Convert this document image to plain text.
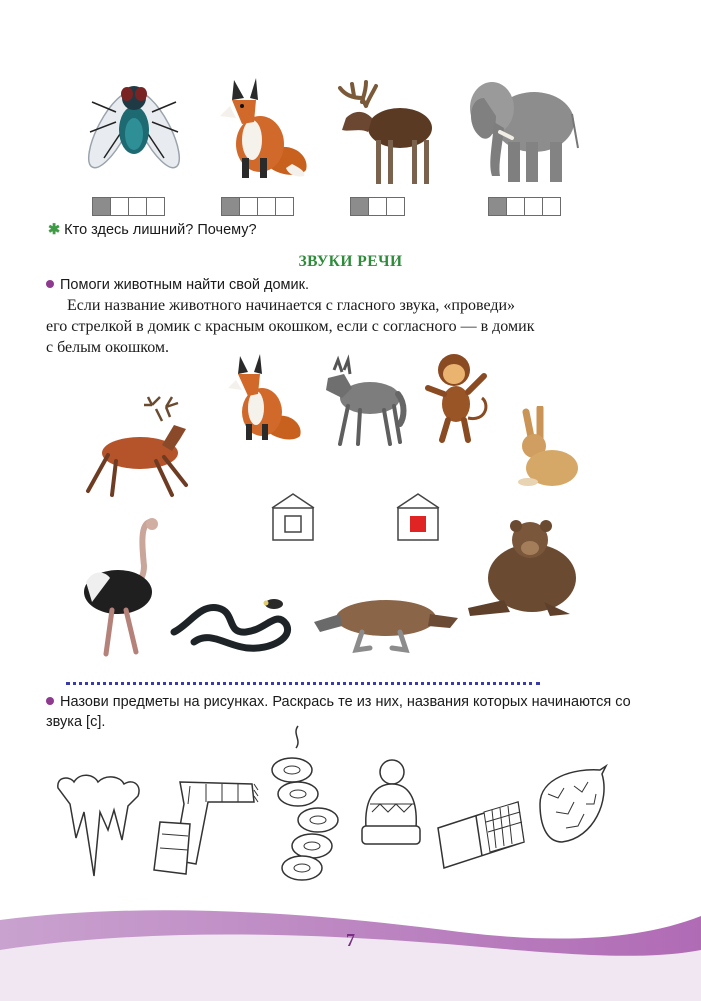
✱ Кто здесь лишний? Почему?
ЗВУКИ РЕЧИ
Помоги животным найти свой домик.
Если название животного начинается с гласного звука, «проведи»
его стрелкой в домик с красным окошком, если с согласного — в домик
с белым окошком.
Назови предметы на рисунках. Раскрась те из них, названия которых начинаются со
звука [с].
7
